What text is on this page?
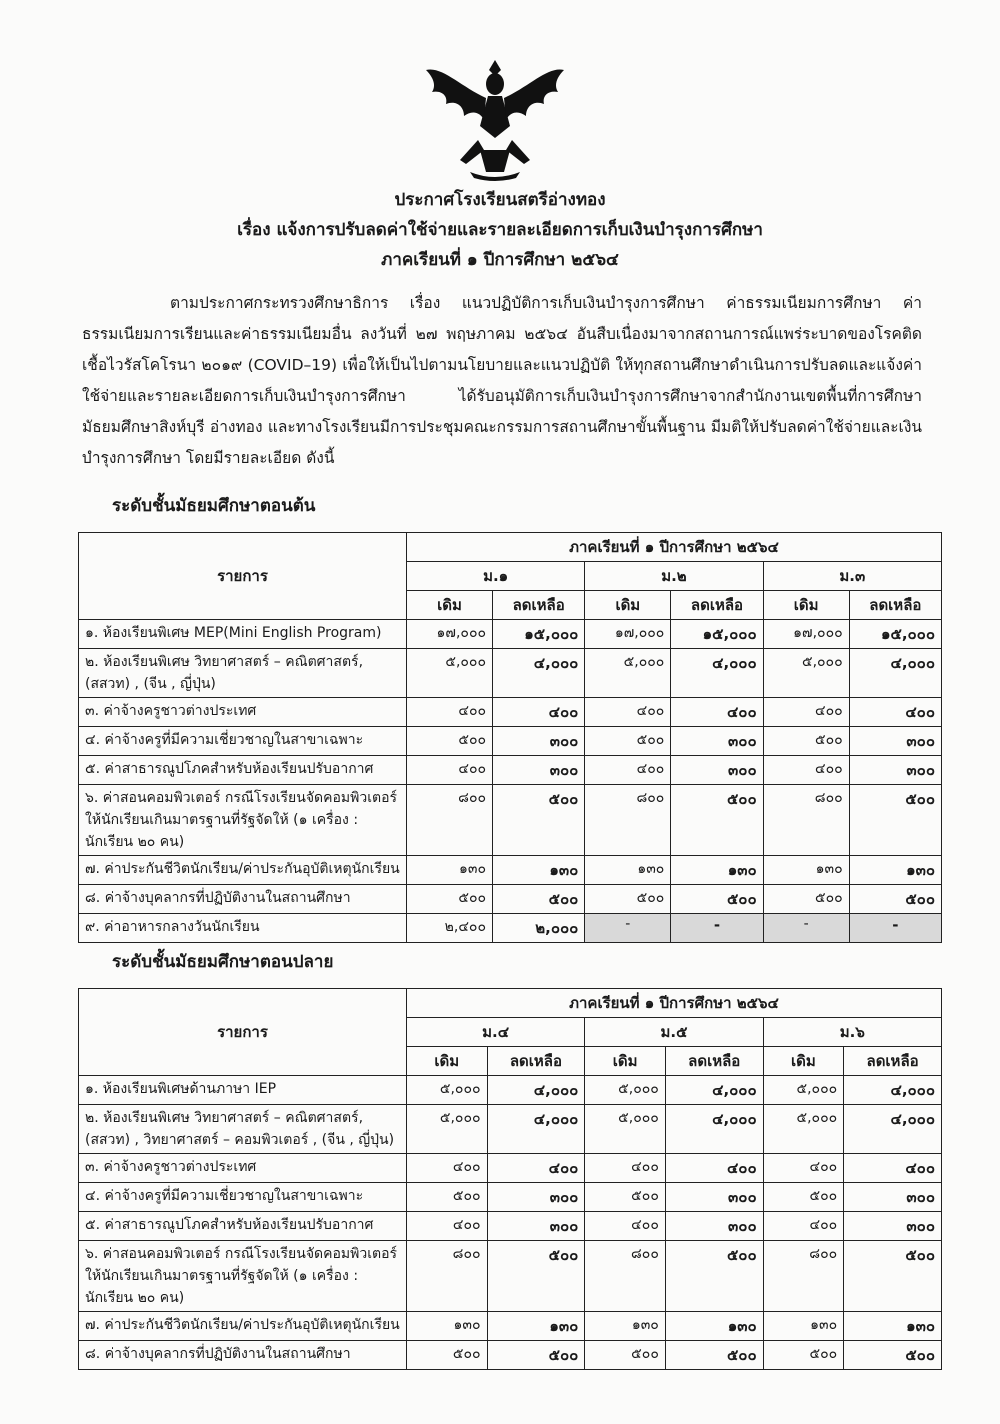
ประกาศโรงเรียนสตรีอ่างทอง
เรื่อง แจ้งการปรับลดค่าใช้จ่ายและรายละเอียดการเก็บเงินบำรุงการศึกษา
ภาคเรียนที่ ๑ ปีการศึกษา ๒๕๖๔

ตามประกาศกระทรวงศึกษาธิการ เรื่อง แนวปฏิบัติการเก็บเงินบำรุงการศึกษา ค่าธรรมเนียมการศึกษา ค่าธรรมเนียมการเรียนและค่าธรรมเนียมอื่น ลงวันที่ ๒๗ พฤษภาคม ๒๕๖๔ อันสืบเนื่องมาจากสถานการณ์แพร่ระบาดของโรคติดเชื้อไวรัสโคโรนา ๒๐๑๙ (COVID–19) เพื่อให้เป็นไปตามนโยบายและแนวปฏิบัติ ให้ทุกสถานศึกษาดำเนินการปรับลดและแจ้งค่าใช้จ่ายและรายละเอียดการเก็บเงินบำรุงการศึกษา ได้รับอนุมัติการเก็บเงินบำรุงการศึกษาจากสำนักงานเขตพื้นที่การศึกษามัธยมศึกษาสิงห์บุรี อ่างทอง และทางโรงเรียนมีการประชุมคณะกรรมการสถานศึกษาขั้นพื้นฐาน มีมติให้ปรับลดค่าใช้จ่ายและเงินบำรุงการศึกษา โดยมีรายละเอียด ดังนี้

ระดับชั้นมัธยมศึกษาตอนต้น
รายการ	ภาคเรียนที่ ๑ ปีการศึกษา ๒๕๖๔					
	ม.๑		ม.๒		ม.๓	
	เดิม	ลดเหลือ	เดิม	ลดเหลือ	เดิม	ลดเหลือ
๑. ห้องเรียนพิเศษ MEP(Mini English Program)	๑๗,๐๐๐	๑๕,๐๐๐	๑๗,๐๐๐	๑๕,๐๐๐	๑๗,๐๐๐	๑๕,๐๐๐
๒. ห้องเรียนพิเศษ วิทยาศาสตร์ – คณิตศาสตร์, (สสวท) , (จีน , ญี่ปุ่น)	๕,๐๐๐	๔,๐๐๐	๕,๐๐๐	๔,๐๐๐	๕,๐๐๐	๔,๐๐๐
๓. ค่าจ้างครูชาวต่างประเทศ	๔๐๐	๔๐๐	๔๐๐	๔๐๐	๔๐๐	๔๐๐
๔. ค่าจ้างครูที่มีความเชี่ยวชาญในสาขาเฉพาะ	๕๐๐	๓๐๐	๕๐๐	๓๐๐	๕๐๐	๓๐๐
๕. ค่าสาธารณูปโภคสำหรับห้องเรียนปรับอากาศ	๔๐๐	๓๐๐	๔๐๐	๓๐๐	๔๐๐	๓๐๐
๖. ค่าสอนคอมพิวเตอร์ กรณีโรงเรียนจัดคอมพิวเตอร์ให้นักเรียนเกินมาตรฐานที่รัฐจัดให้ (๑ เครื่อง : นักเรียน ๒๐ คน)	๘๐๐	๕๐๐	๘๐๐	๕๐๐	๘๐๐	๕๐๐
๗. ค่าประกันชีวิตนักเรียน/ค่าประกันอุบัติเหตุนักเรียน	๑๓๐	๑๓๐	๑๓๐	๑๓๐	๑๓๐	๑๓๐
๘. ค่าจ้างบุคลากรที่ปฏิบัติงานในสถานศึกษา	๕๐๐	๕๐๐	๕๐๐	๕๐๐	๕๐๐	๕๐๐
๙. ค่าอาหารกลางวันนักเรียน	๒,๔๐๐	๒,๐๐๐	-	-	-	-
ระดับชั้นมัธยมศึกษาตอนปลาย
รายการ	ภาคเรียนที่ ๑ ปีการศึกษา ๒๕๖๔					
	ม.๔		ม.๕		ม.๖	
	เดิม	ลดเหลือ	เดิม	ลดเหลือ	เดิม	ลดเหลือ
๑. ห้องเรียนพิเศษด้านภาษา IEP	๕,๐๐๐	๔,๐๐๐	๕,๐๐๐	๔,๐๐๐	๕,๐๐๐	๔,๐๐๐
๒. ห้องเรียนพิเศษ วิทยาศาสตร์ – คณิตศาสตร์, (สสวท) , วิทยาศาสตร์ – คอมพิวเตอร์ , (จีน , ญี่ปุ่น)	๕,๐๐๐	๔,๐๐๐	๕,๐๐๐	๔,๐๐๐	๕,๐๐๐	๔,๐๐๐
๓. ค่าจ้างครูชาวต่างประเทศ	๔๐๐	๔๐๐	๔๐๐	๔๐๐	๔๐๐	๔๐๐
๔. ค่าจ้างครูที่มีความเชี่ยวชาญในสาขาเฉพาะ	๕๐๐	๓๐๐	๕๐๐	๓๐๐	๕๐๐	๓๐๐
๕. ค่าสาธารณูปโภคสำหรับห้องเรียนปรับอากาศ	๔๐๐	๓๐๐	๔๐๐	๓๐๐	๔๐๐	๓๐๐
๖. ค่าสอนคอมพิวเตอร์ กรณีโรงเรียนจัดคอมพิวเตอร์ให้นักเรียนเกินมาตรฐานที่รัฐจัดให้ (๑ เครื่อง : นักเรียน ๒๐ คน)	๘๐๐	๕๐๐	๘๐๐	๕๐๐	๘๐๐	๕๐๐
๗. ค่าประกันชีวิตนักเรียน/ค่าประกันอุบัติเหตุนักเรียน	๑๓๐	๑๓๐	๑๓๐	๑๓๐	๑๓๐	๑๓๐
๘. ค่าจ้างบุคลากรที่ปฏิบัติงานในสถานศึกษา	๕๐๐	๕๐๐	๕๐๐	๕๐๐	๕๐๐	๕๐๐
